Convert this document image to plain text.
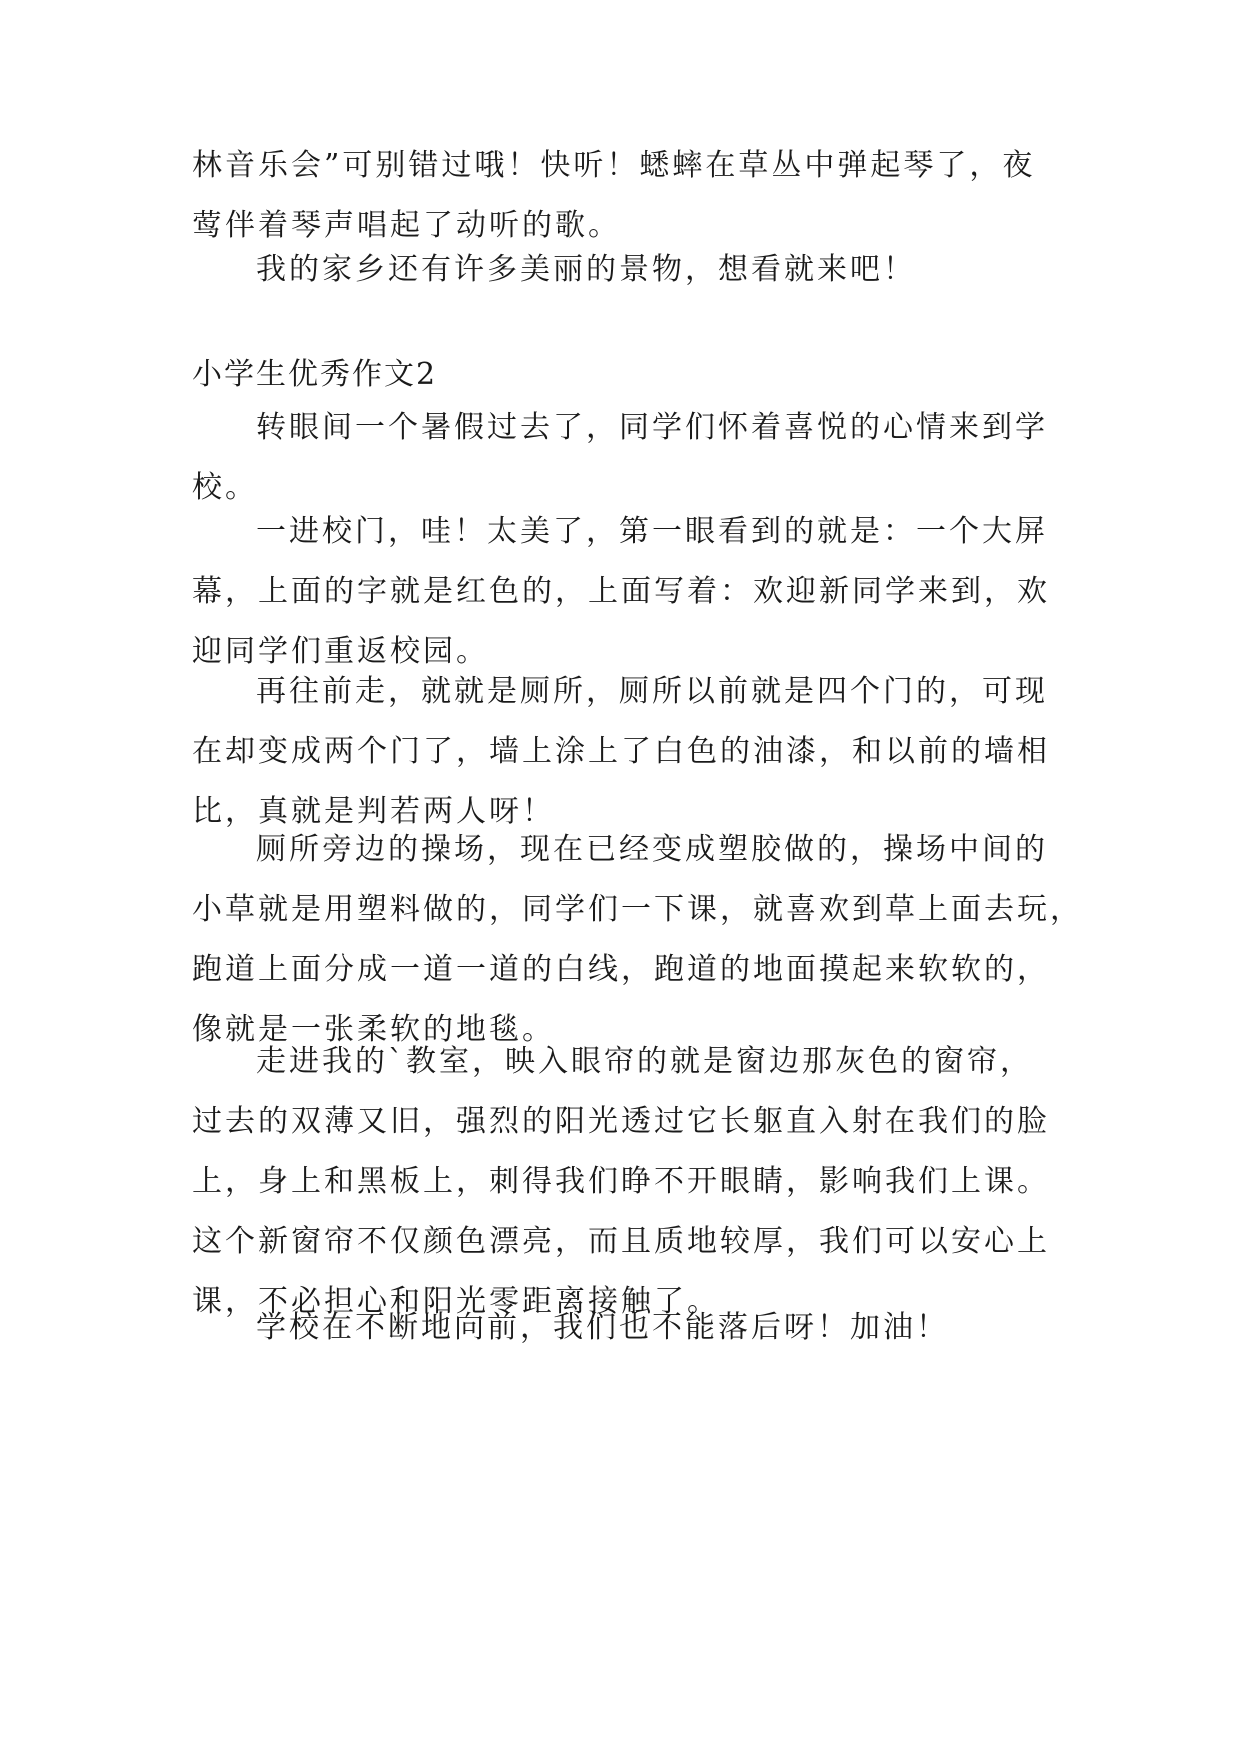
林音乐会”可别错过哦！快听！蟋蟀在草丛中弹起琴了，夜
莺伴着琴声唱起了动听的歌。

我的家乡还有许多美丽的景物，想看就来吧！

小学生优秀作文2

转眼间一个暑假过去了，同学们怀着喜悦的心情来到学
校。

一进校门，哇！太美了，第一眼看到的就是：一个大屏
幕，上面的字就是红色的，上面写着：欢迎新同学来到，欢
迎同学们重返校园。

再往前走，就就是厕所，厕所以前就是四个门的，可现
在却变成两个门了，墙上涂上了白色的油漆，和以前的墙相
比，真就是判若两人呀！

厕所旁边的操场，现在已经变成塑胶做的，操场中间的
小草就是用塑料做的，同学们一下课，就喜欢到草上面去玩，
跑道上面分成一道一道的白线，跑道的地面摸起来软软的，
像就是一张柔软的地毯。

走进我的`教室，映入眼帘的就是窗边那灰色的窗帘，
过去的双薄又旧，强烈的阳光透过它长躯直入射在我们的脸
上，身上和黑板上，刺得我们睁不开眼睛，影响我们上课。
这个新窗帘不仅颜色漂亮，而且质地较厚，我们可以安心上
课，不必担心和阳光零距离接触了。

学校在不断地向前，我们也不能落后呀！加油！
